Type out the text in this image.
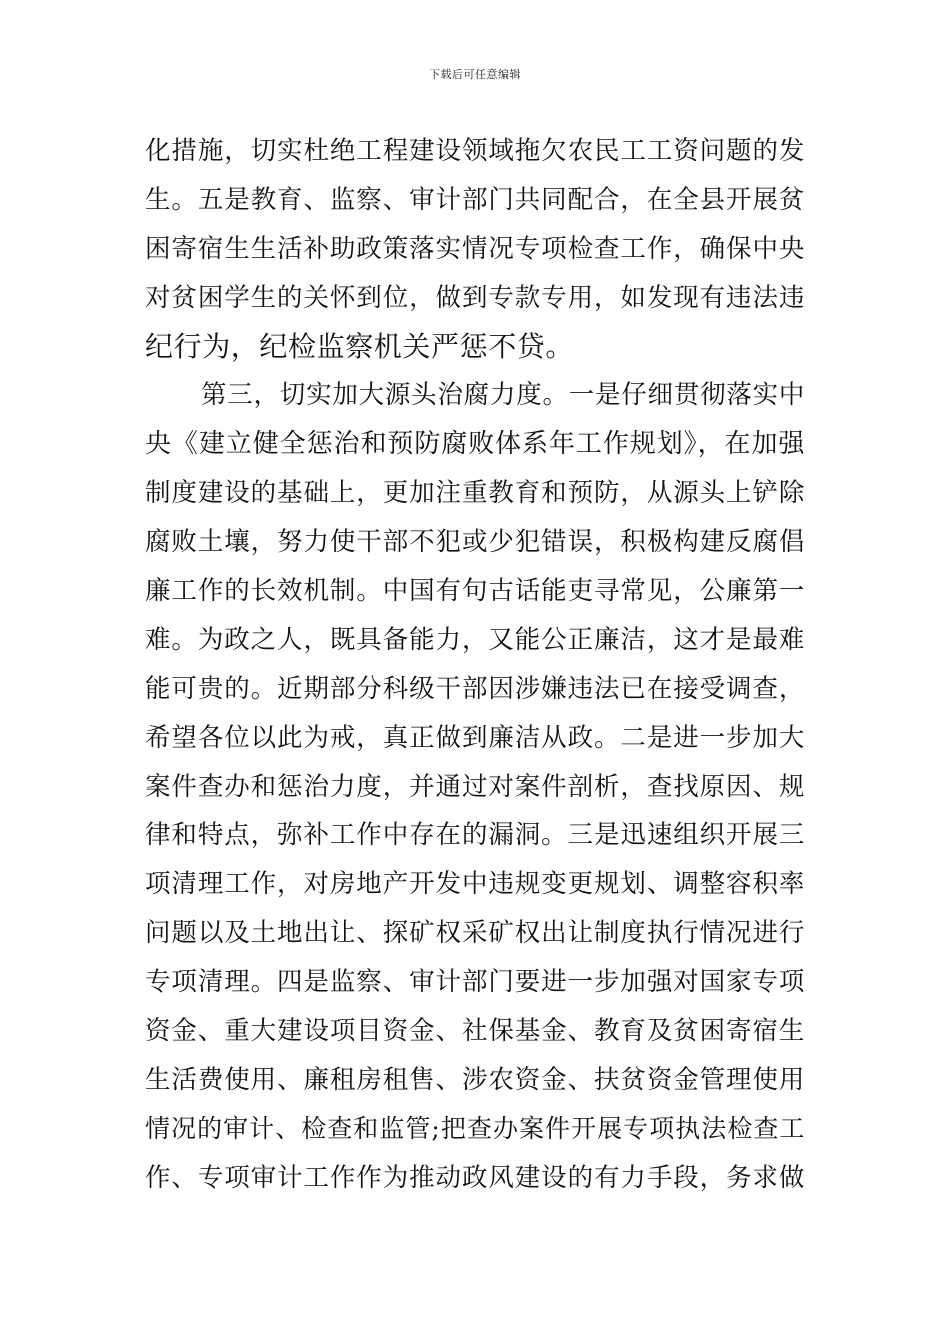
下载后可任意编辑
化措施，切实杜绝工程建设领域拖欠农民工工资问题的发
生。五是教育、监察、审计部门共同配合，在全县开展贫
困寄宿生生活补助政策落实情况专项检查工作，确保中央
对贫困学生的关怀到位，做到专款专用，如发现有违法违
纪行为，纪检监察机关严惩不贷。
第三，切实加大源头治腐力度。一是仔细贯彻落实中
央《建立健全惩治和预防腐败体系年工作规划》，在加强
制度建设的基础上，更加注重教育和预防，从源头上铲除
腐败土壤，努力使干部不犯或少犯错误，积极构建反腐倡
廉工作的长效机制。中国有句古话能吏寻常见，公廉第一
难。为政之人，既具备能力，又能公正廉洁，这才是最难
能可贵的。近期部分科级干部因涉嫌违法已在接受调查，
希望各位以此为戒，真正做到廉洁从政。二是进一步加大
案件查办和惩治力度，并通过对案件剖析，查找原因、规
律和特点，弥补工作中存在的漏洞。三是迅速组织开展三
项清理工作，对房地产开发中违规变更规划、调整容积率
问题以及土地出让、探矿权采矿权出让制度执行情况进行
专项清理。四是监察、审计部门要进一步加强对国家专项
资金、重大建设项目资金、社保基金、教育及贫困寄宿生
生活费使用、廉租房租售、涉农资金、扶贫资金管理使用
情况的审计、检查和监管;把查办案件开展专项执法检查工
作、专项审计工作作为推动政风建设的有力手段，务求做
